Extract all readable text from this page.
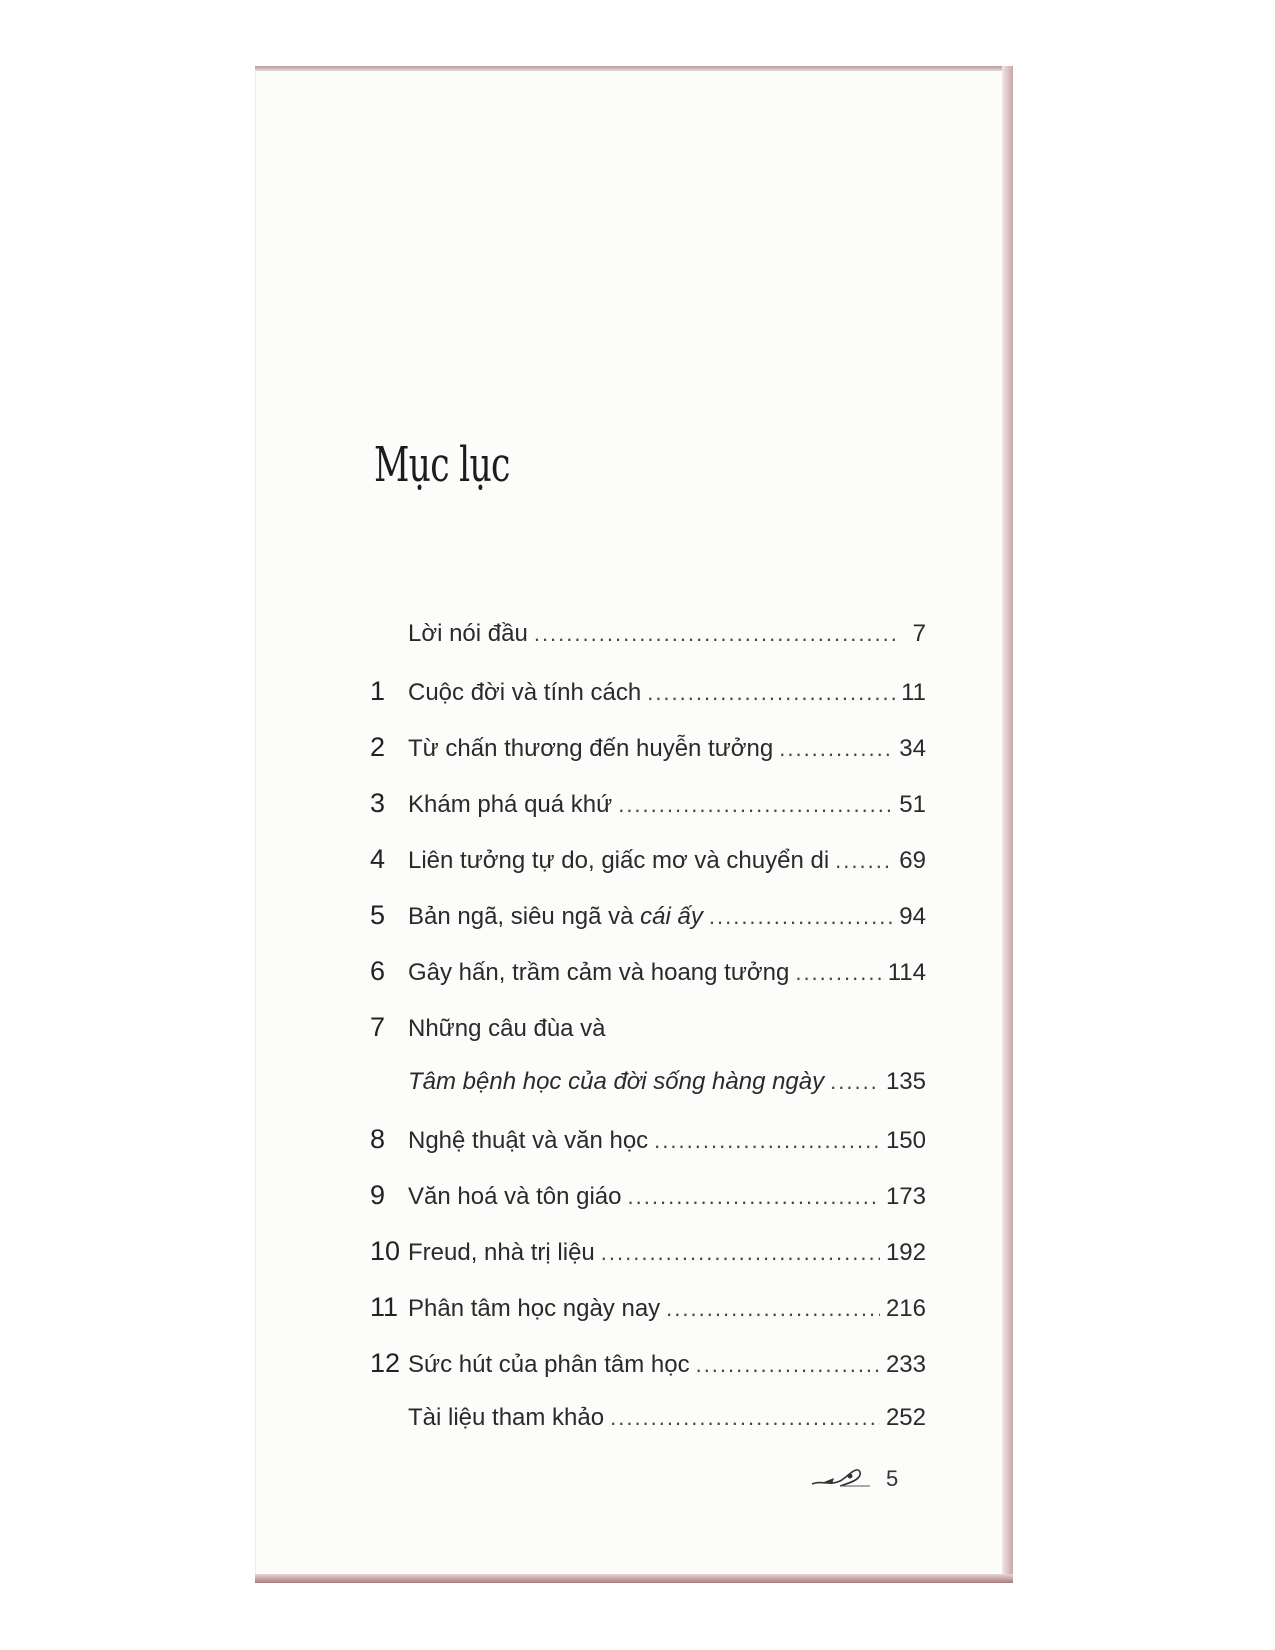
Mục lục
Lời nói đầu .....	7
1 Cuộc đời và tính cách .....	11
2 Từ chấn thương đến huyễn tưởng .....	34
3 Khám phá quá khứ .....	51
4 Liên tưởng tự do, giấc mơ và chuyển di .....	69
5 Bản ngã, siêu ngã và cái ấy .....	94
6 Gây hấn, trầm cảm và hoang tưởng .....	114
7 Những câu đùa và
Tâm bệnh học của đời sống hàng ngày .....	135
8 Nghệ thuật và văn học .....	150
9 Văn hoá và tôn giáo .....	173
10 Freud, nhà trị liệu .....	192
11 Phân tâm học ngày nay .....	216
12 Sức hút của phân tâm học .....	233
Tài liệu tham khảo .....	252
5
